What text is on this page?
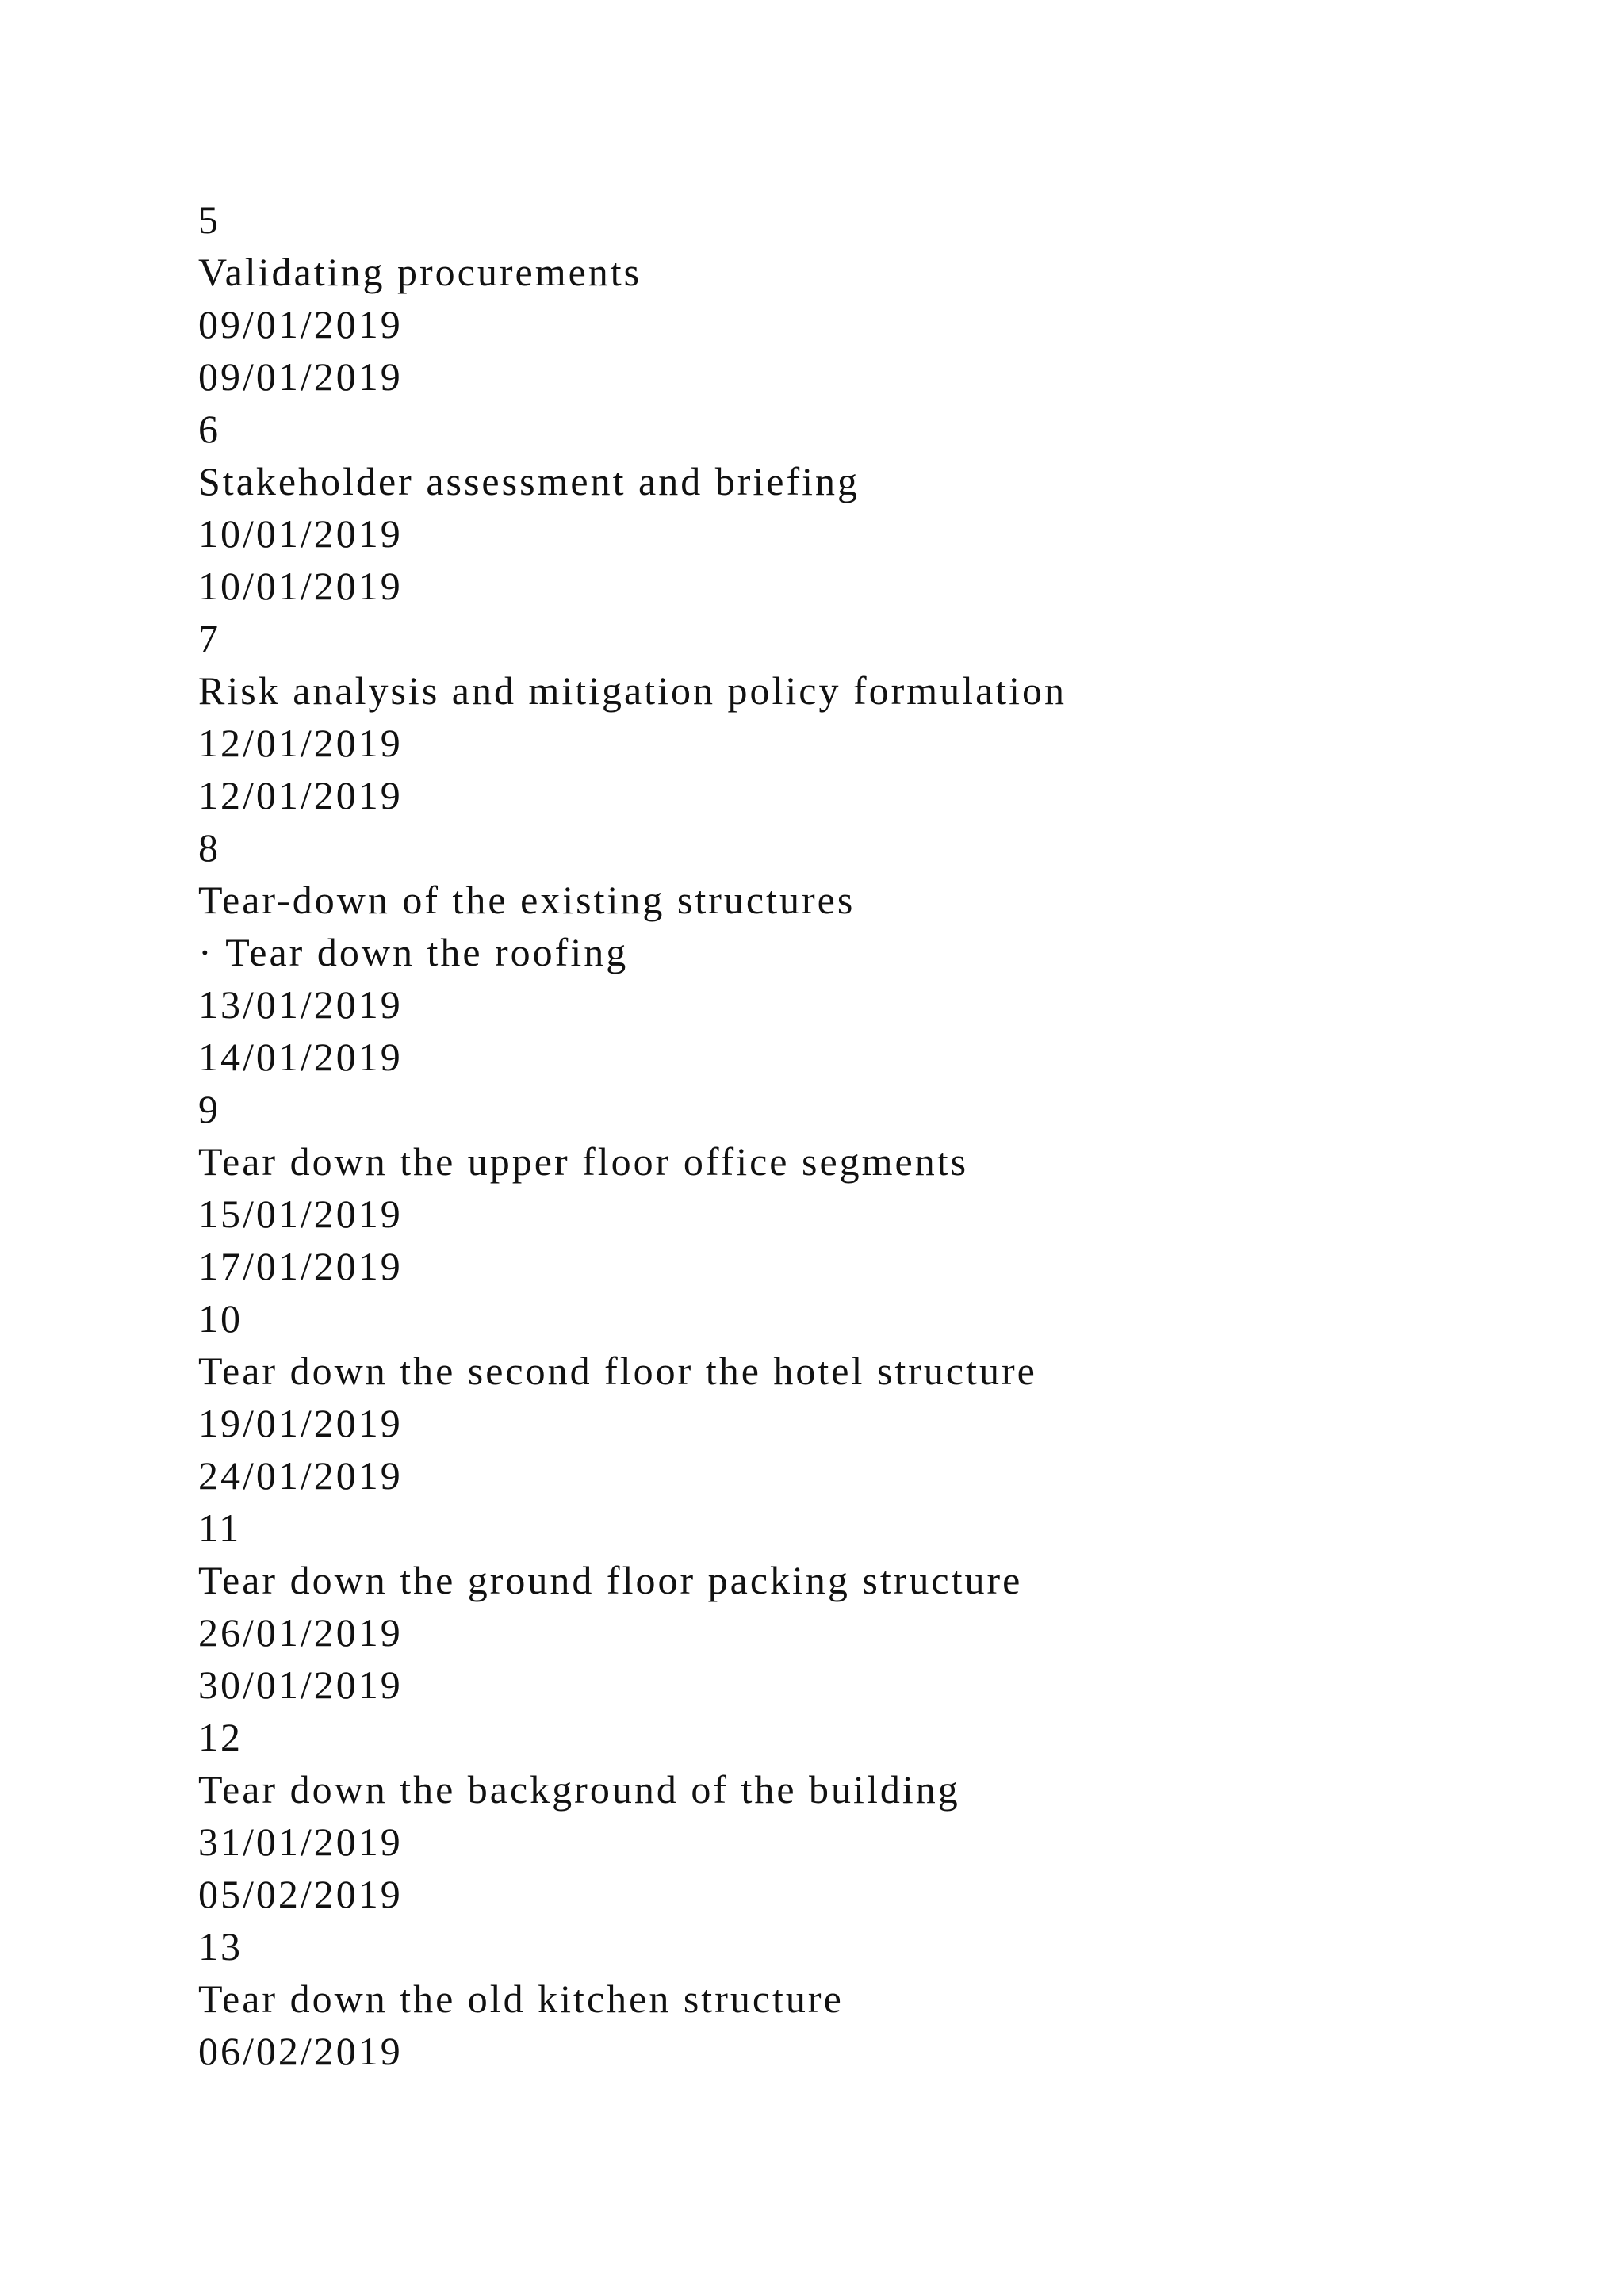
5
Validating procurements
09/01/2019
09/01/2019
6
Stakeholder assessment and briefing
10/01/2019
10/01/2019
7
Risk analysis and mitigation policy formulation
12/01/2019
12/01/2019
8
Tear-down of the existing structures
· Tear down the roofing
13/01/2019
14/01/2019
9
Tear down the upper floor office segments
15/01/2019
17/01/2019
10
Tear down the second floor the hotel structure
19/01/2019
24/01/2019
11
Tear down the ground floor packing structure
26/01/2019
30/01/2019
12
Tear down the background of the building
31/01/2019
05/02/2019
13
Tear down the old kitchen structure
06/02/2019
